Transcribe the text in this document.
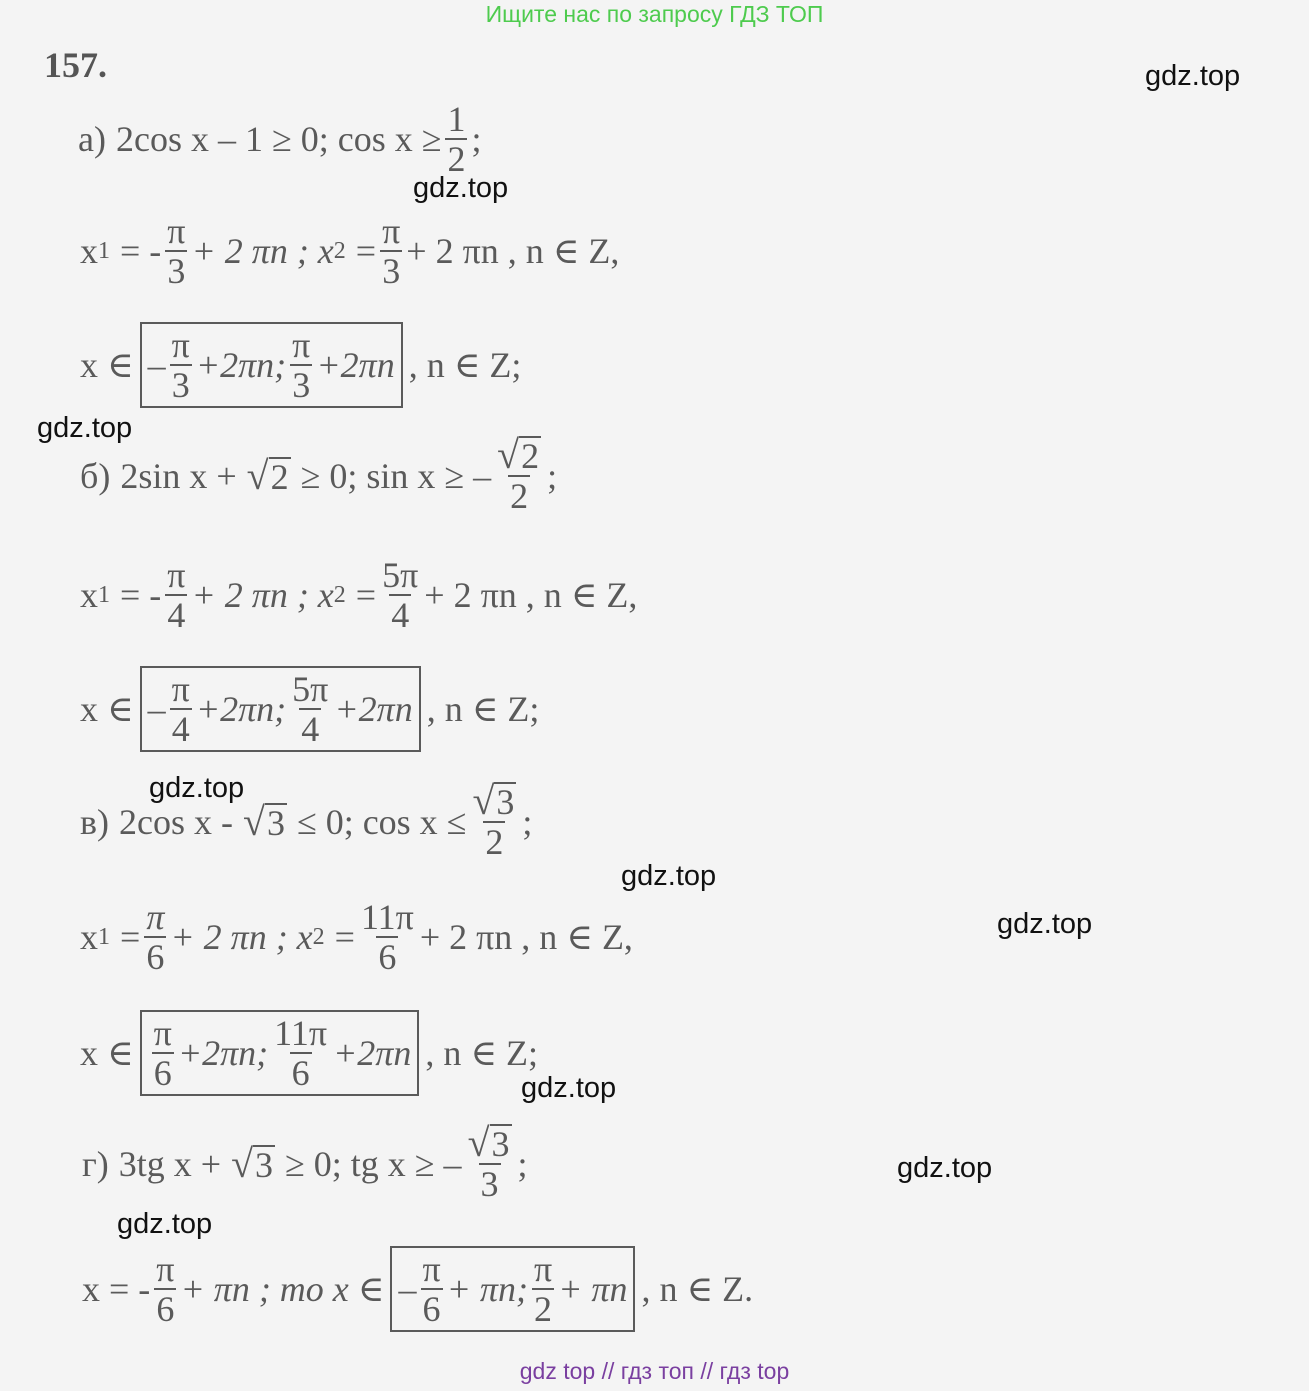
Ищите нас по запросу ГДЗ ТОП
157.	gdz.top
gdz.top
gdz.top
gdz.top
gdz.top
gdz.top
gdz.top
gdz.top
gdz.top
а) 2cos x – 1 ≥ 0; $\cos x \ge \frac{1}{2}$ ;
x 1 = - $\frac{\pi}{3} + 2$ πn ; x $2 = \frac{\pi}{3} + 2$ πn , n ∈ Z,
x ∈ – $\frac{\pi}{3} +2\pi n$; $\frac{\pi}{3} +2\pi n$ , n ∈ Z;
б) 2sin x + √ 2 ≥ 0; sin x ≥ – $\frac{√ 2}{2}$ ;
x 1 = - $\frac{\pi}{4} + 2$ πn ; x $2 = \frac{5\pi}{4} + 2$ πn , n ∈ Z,
x ∈ – $\frac{\pi}{4} +2\pi n$; $\frac{5\pi}{4} +2\pi n$ , n ∈ Z;
в) 2cos x - √ 3 ≤ 0; $\cos x \le \frac{√ 3}{2}$ ;
x $1 = \frac{\pi}{6} + 2$ πn ; x $2 = \frac{11\pi}{6} + 2$ πn , n ∈ Z,
x ∈ $\frac{\pi}{6} +2\pi n$; $\frac{11\pi}{6} +2\pi n$ , n ∈ Z;
г) 3tg x + √ 3 ≥ 0; tg x ≥ – $\frac{√ 3}{3}$ ;
x = - $\frac{\pi}{6} + \pi n$ ; то x ∈ – $\frac{\pi}{6} + \pi n$; $\frac{\pi}{2} + \pi n$ , n ∈ Z.
gdz top // гдз топ // гдз top
